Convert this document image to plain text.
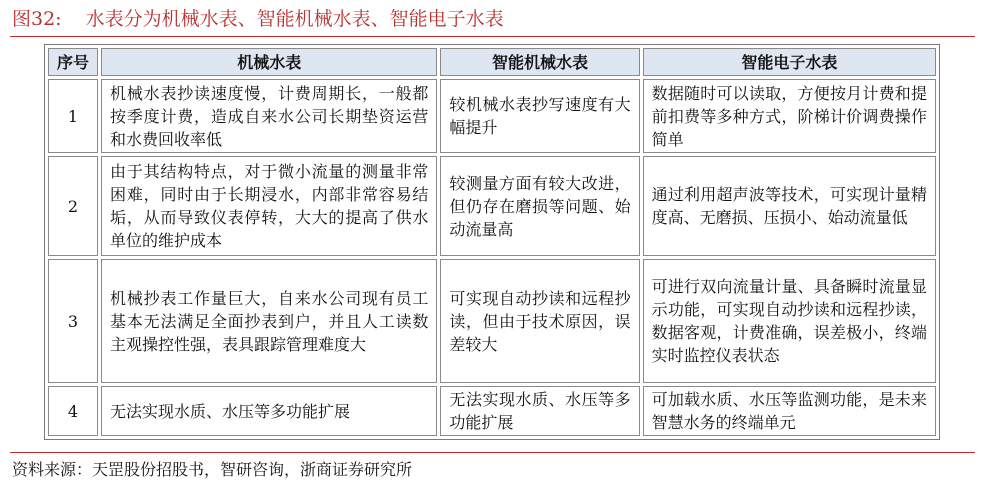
图32: 水表分为机械水表、智能机械水表、智能电子水表
序号	机械水表	智能机械水表	智能电子水表
1	机械水表抄读速度慢，计费周期长，一般都按季度计费，造成自来水公司长期垫资运营和水费回收率低	较机械水表抄写速度有大幅提升	数据随时可以读取，方便按月计费和提前扣费等多种方式，阶梯计价调费操作简单
2	由于其结构特点，对于微小流量的测量非常困难，同时由于长期浸水，内部非常容易结垢，从而导致仪表停转，大大的提高了供水单位的维护成本	较测量方面有较大改进，但仍存在磨损等问题、始动流量高	通过利用超声波等技术，可实现计量精度高、无磨损、压损小、始动流量低
3	机械抄表工作量巨大，自来水公司现有员工基本无法满足全面抄表到户，并且人工读数主观操控性强，表具跟踪管理难度大	可实现自动抄读和远程抄读，但由于技术原因，误差较大	可进行双向流量计量、具备瞬时流量显示功能，可实现自动抄读和远程抄读，数据客观，计费准确，误差极小，终端实时监控仪表状态
4	无法实现水质、水压等多功能扩展	无法实现水质、水压等多功能扩展	可加载水质、水压等监测功能，是未来智慧水务的终端单元
资料来源：天罡股份招股书，智研咨询，浙商证券研究所
